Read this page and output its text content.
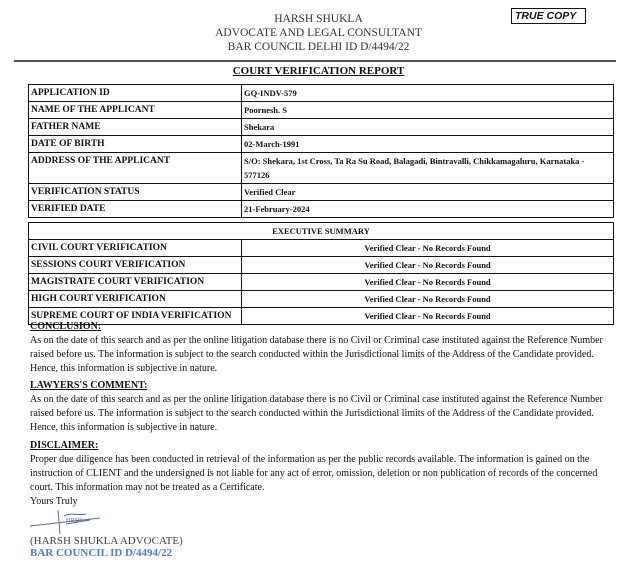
HARSH SHUKLA
ADVOCATE AND LEGAL CONSULTANT
BAR COUNCIL DELHI ID D/4494/22
TRUE COPY
COURT VERIFICATION REPORT
APPLICATION ID	GQ-INDV-579
NAME OF THE APPLICANT	Poornesh. S
FATHER NAME	Shekara
DATE OF BIRTH	02-March-1991
ADDRESS OF THE APPLICANT	S/O: Shekara, 1st Cross, Ta Ra Su Road, Balagadi, Bintravalli, Chikkamagaluru, Karnataka - 577126
VERIFICATION STATUS	Verified Clear
VERIFIED DATE	21-February-2024
EXECUTIVE SUMMARY	
CIVIL COURT VERIFICATION	Verified Clear - No Records Found
SESSIONS COURT VERIFICATION	Verified Clear - No Records Found
MAGISTRATE COURT VERIFICATION	Verified Clear - No Records Found
HIGH COURT VERIFICATION	Verified Clear - No Records Found
SUPREME COURT OF INDIA VERIFICATION	Verified Clear - No Records Found
CONCLUSION:

As on the date of this search and as per the online litigation database there is no Civil or Criminal case instituted against the Reference Number raised before us. The information is subject to the search conducted within the Jurisdictional limits of the Address of the Candidate provided. Hence, this information is subjective in nature.

LAWYERS'S COMMENT:

As on the date of this search and as per the online litigation database there is no Civil or Criminal case instituted against the Reference Number raised before us. The information is subject to the search conducted within the Jurisdictional limits of the Address of the Candidate provided. Hence, this information is subjective in nature.

DISCLAIMER:

Proper due diligence has been conducted in retrieval of the information as per the public records available. The information is gained on the instruction of CLIENT and the undersigned is not liable for any act of error, omission, deletion or non publication of records of the concerned court. This information may not be treated as a Certificate.

Yours Truly

HRSH
(HARSH SHUKLA ADVOCATE)
BAR COUNCIL ID D/4494/22
